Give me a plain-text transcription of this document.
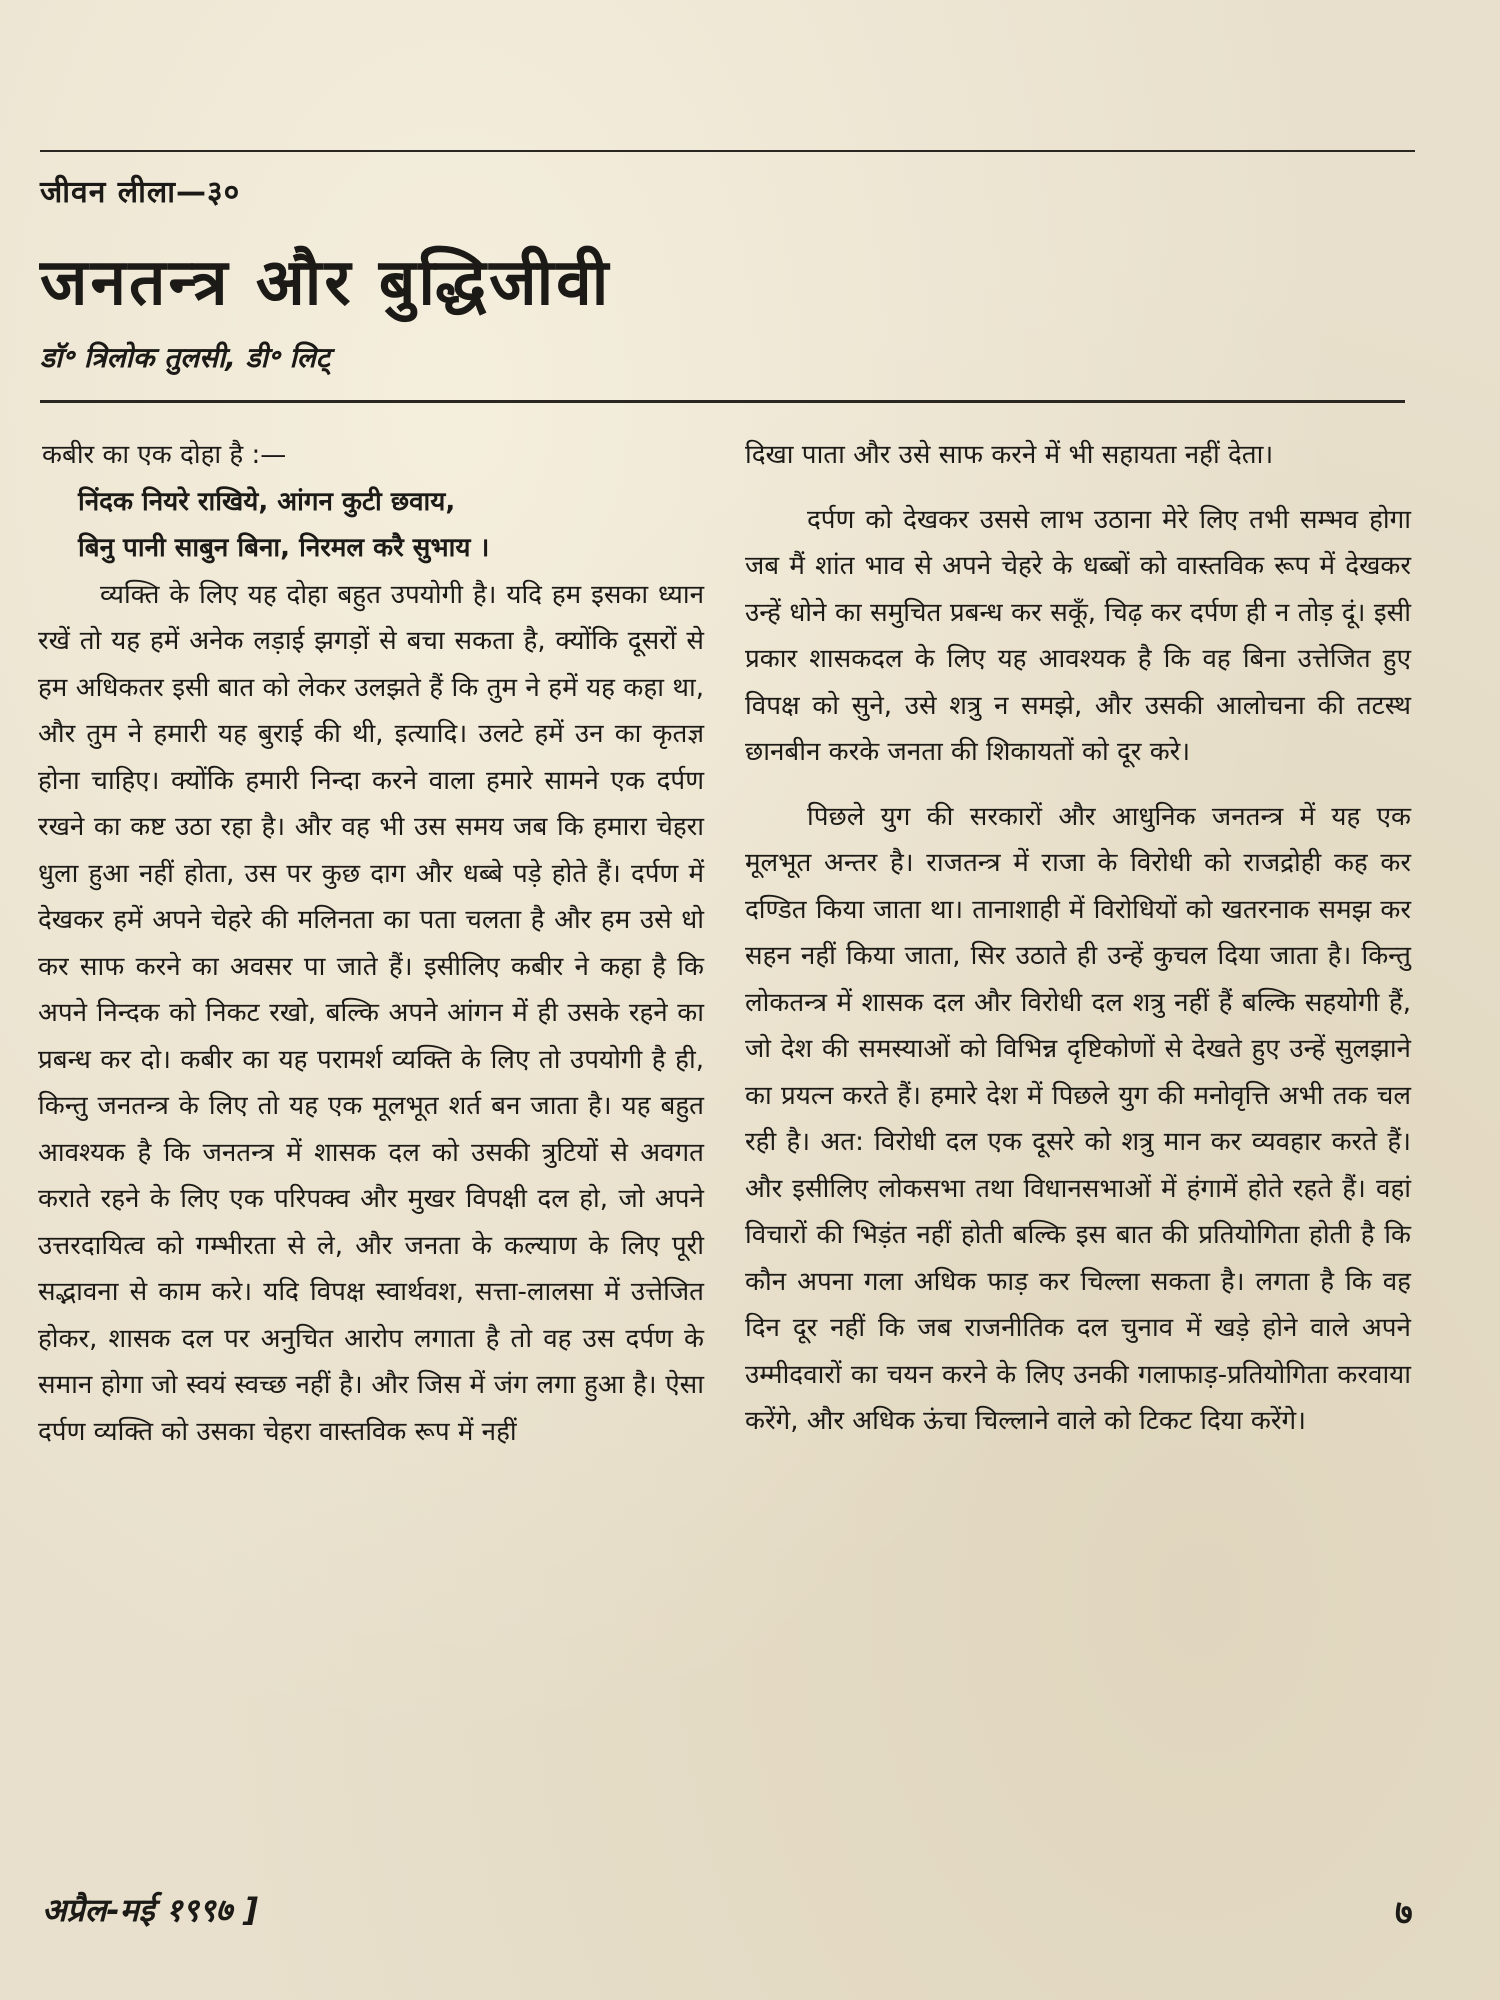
जीवन लीला—३०
जनतन्त्र और बुद्धिजीवी
डॉ॰ त्रिलोक तुलसी, डी॰ लिट्

कबीर का एक दोहा है :—

निंदक नियरे राखिये, आंगन कुटी छवाय,

बिनु पानी साबुन बिना, निरमल करै सुभाय ।

व्यक्ति के लिए यह दोहा बहुत उपयोगी है। यदि हम इसका ध्यान रखें तो यह हमें अनेक लड़ाई झगड़ों से बचा सकता है, क्योंकि दूसरों से हम अधिकतर इसी बात को लेकर उलझते हैं कि तुम ने हमें यह कहा था, और तुम ने हमारी यह बुराई की थी, इत्यादि। उलटे हमें उन का कृतज्ञ होना चाहिए। क्योंकि हमारी निन्दा करने वाला हमारे सामने एक दर्पण रखने का कष्ट उठा रहा है। और वह भी उस समय जब कि हमारा चेहरा धुला हुआ नहीं होता, उस पर कुछ दाग और धब्बे पड़े होते हैं। दर्पण में देखकर हमें अपने चेहरे की मलिनता का पता चलता है और हम उसे धो कर साफ करने का अवसर पा जाते हैं। इसीलिए कबीर ने कहा है कि अपने निन्दक को निकट रखो, बल्कि अपने आंगन में ही उसके रहने का प्रबन्ध कर दो। कबीर का यह परामर्श व्यक्ति के लिए तो उपयोगी है ही, किन्तु जनतन्त्र के लिए तो यह एक मूलभूत शर्त बन जाता है। यह बहुत आवश्यक है कि जनतन्त्र में शासक दल को उसकी त्रुटियों से अवगत कराते रहने के लिए एक परिपक्व और मुखर विपक्षी दल हो, जो अपने उत्तरदायित्व को गम्भीरता से ले, और जनता के कल्याण के लिए पूरी सद्भावना से काम करे। यदि विपक्ष स्वार्थवश, सत्ता-लालसा में उत्तेजित होकर, शासक दल पर अनुचित आरोप लगाता है तो वह उस दर्पण के समान होगा जो स्वयं स्वच्छ नहीं है। और जिस में जंग लगा हुआ है। ऐसा दर्पण व्यक्ति को उसका चेहरा वास्तविक रूप में नहीं

दिखा पाता और उसे साफ करने में भी सहायता नहीं देता।

दर्पण को देखकर उससे लाभ उठाना मेरे लिए तभी सम्भव होगा जब मैं शांत भाव से अपने चेहरे के धब्बों को वास्तविक रूप में देखकर उन्हें धोने का समुचित प्रबन्ध कर सकूँ, चिढ़ कर दर्पण ही न तोड़ दूं। इसी प्रकार शासकदल के लिए यह आवश्यक है कि वह बिना उत्तेजित हुए विपक्ष को सुने, उसे शत्रु न समझे, और उसकी आलोचना की तटस्थ छानबीन करके जनता की शिकायतों को दूर करे।

पिछले युग की सरकारों और आधुनिक जनतन्त्र में यह एक मूलभूत अन्तर है। राजतन्त्र में राजा के विरोधी को राजद्रोही कह कर दण्डित किया जाता था। तानाशाही में विरोधियों को खतरनाक समझ कर सहन नहीं किया जाता, सिर उठाते ही उन्हें कुचल दिया जाता है। किन्तु लोकतन्त्र में शासक दल और विरोधी दल शत्रु नहीं हैं बल्कि सहयोगी हैं, जो देश की समस्याओं को विभिन्न दृष्टिकोणों से देखते हुए उन्हें सुलझाने का प्रयत्न करते हैं। हमारे देश में पिछले युग की मनोवृत्ति अभी तक चल रही है। अत: विरोधी दल एक दूसरे को शत्रु मान कर व्यवहार करते हैं। और इसीलिए लोकसभा तथा विधानसभाओं में हंगामें होते रहते हैं। वहां विचारों की भिड़ंत नहीं होती बल्कि इस बात की प्रतियोगिता होती है कि कौन अपना गला अधिक फाड़ कर चिल्ला सकता है। लगता है कि वह दिन दूर नहीं कि जब राजनीतिक दल चुनाव में खड़े होने वाले अपने उम्मीदवारों का चयन करने के लिए उनकी गलाफाड़-प्रतियोगिता करवाया करेंगे, और अधिक ऊंचा चिल्लाने वाले को टिकट दिया करेंगे।

अप्रैल-मई १९९७ ]	७
